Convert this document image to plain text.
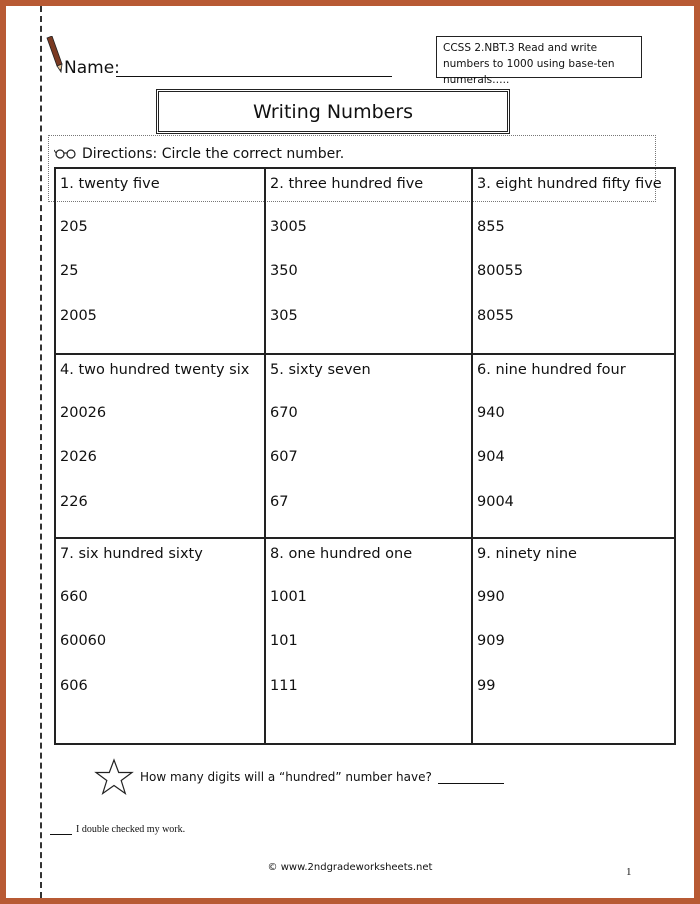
Name:
CCSS 2.NBT.3 Read and write numbers to 1000 using base-ten numerals…..
Writing Numbers
Directions: Circle the correct number.
1. twenty five
205
25
2005
2. three hundred five
3005
350
305
3. eight hundred fifty five
855
80055
8055
4. two hundred twenty six
20026
2026
226
5. sixty seven
670
607
67
6. nine hundred four
940
904
9004
7. six hundred sixty
660
60060
606
8. one hundred one
1001
101
111
9. ninety nine
990
909
99
How many digits will a “hundred” number have?
I double checked my work.
© www.2ndgradeworksheets.net	1
